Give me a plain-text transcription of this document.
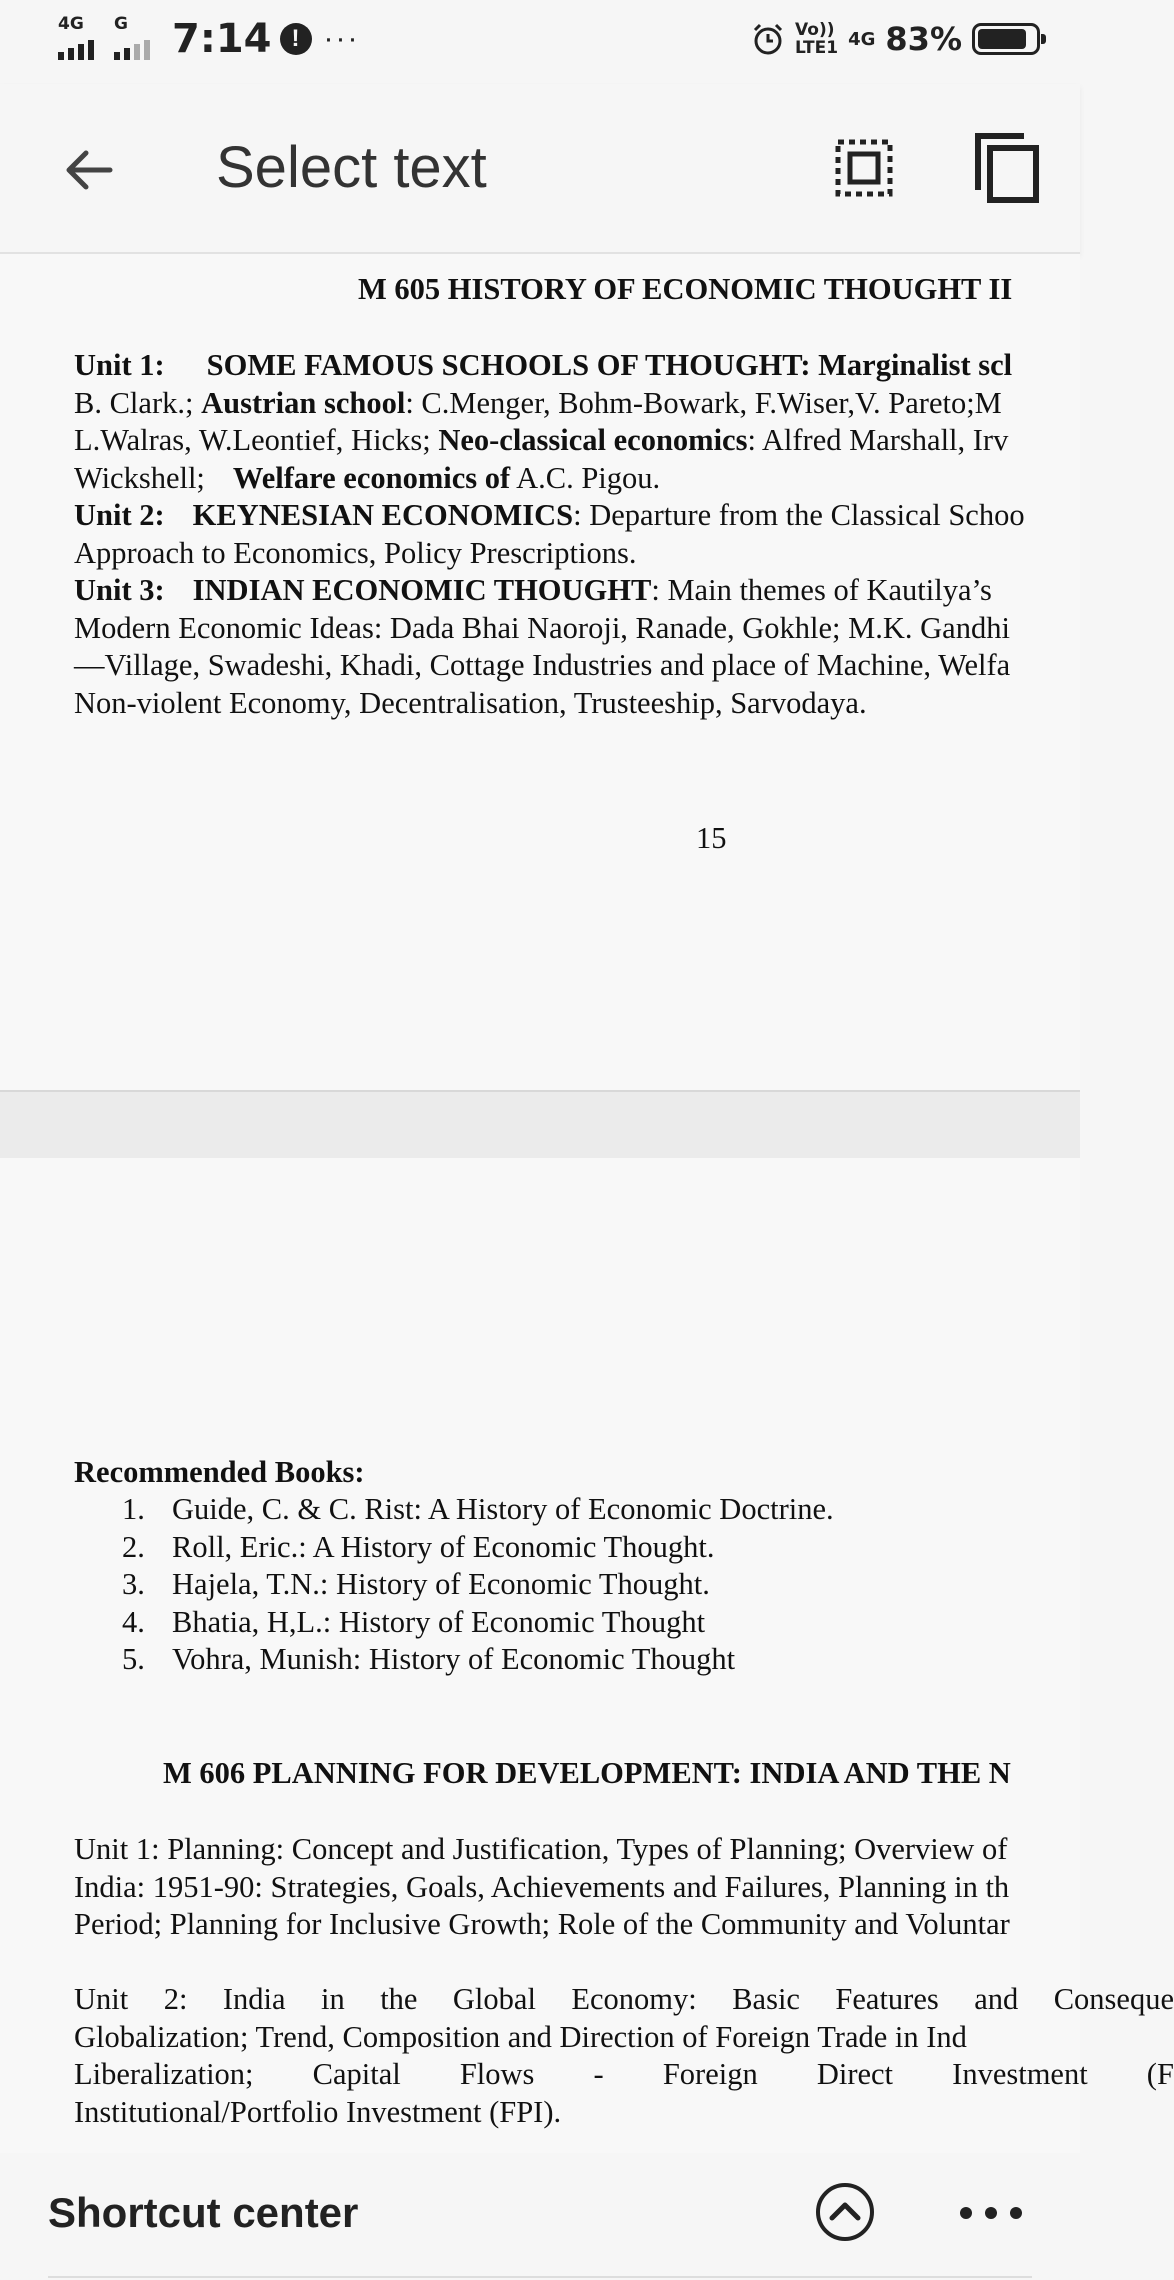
4G G 7:14 ! ···	Vo))
LTE1 4G 83%
Select text
M 605 HISTORY OF ECONOMIC THOUGHT II
Unit 1: SOME FAMOUS SCHOOLS OF THOUGHT: Marginalist scl
B. Clark.; Austrian school: C.Menger, Bohm-Bowark, F.Wiser,V. Pareto;M
L.Walras, W.Leontief, Hicks; Neo-classical economics: Alfred Marshall, Irv
Wickshell; Welfare economics of A.C. Pigou.
Unit 2: KEYNESIAN ECONOMICS: Departure from the Classical Schoo
Approach to Economics, Policy Prescriptions.
Unit 3: INDIAN ECONOMIC THOUGHT: Main themes of Kautilya’s
Modern Economic Ideas: Dada Bhai Naoroji, Ranade, Gokhle; M.K. Gandhi
—Village, Swadeshi, Khadi, Cottage Industries and place of Machine, Welfa
Non-violent Economy, Decentralisation, Trusteeship, Sarvodaya.
15
Recommended Books:
1. Guide, C. & C. Rist: A History of Economic Doctrine.
2. Roll, Eric.: A History of Economic Thought.
3. Hajela, T.N.: History of Economic Thought.
4. Bhatia, H,L.: History of Economic Thought
5. Vohra, Munish: History of Economic Thought
M 606 PLANNING FOR DEVELOPMENT: INDIA AND THE N
Unit 1: Planning: Concept and Justification, Types of Planning; Overview of
India: 1951-90: Strategies, Goals, Achievements and Failures, Planning in th
Period; Planning for Inclusive Growth; Role of the Community and Voluntar
Unit 2: India in the Global Economy: Basic Features and Conseque
Globalization; Trend, Composition and Direction of Foreign Trade in Ind
Liberalization; Capital Flows - Foreign Direct Investment (F
Institutional/Portfolio Investment (FPI).
Shortcut center
